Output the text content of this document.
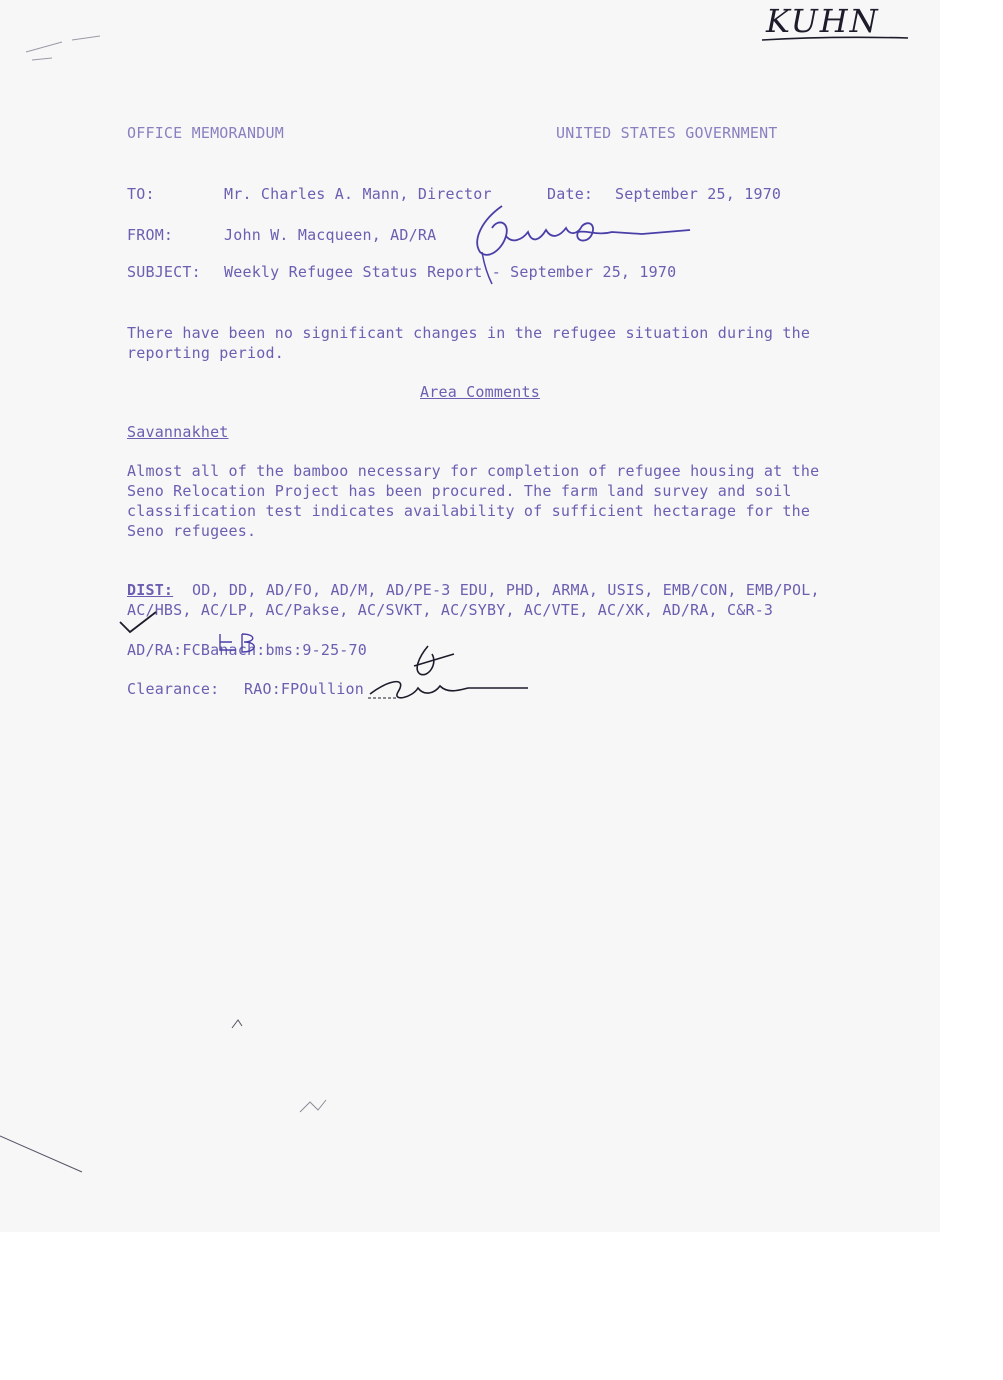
KUHN
OFFICE MEMORANDUM	UNITED STATES GOVERNMENT
TO:	Mr. Charles A. Mann, Director	Date: September 25, 1970
FROM:	John W. Macqueen, AD/RA
SUBJECT: Weekly Refugee Status Report - September 25, 1970
There have been no significant changes in the refugee situation during the
reporting period.
Area Comments
Savannakhet
Almost all of the bamboo necessary for completion of refugee housing at the
Seno Relocation Project has been procured. The farm land survey and soil
classification test indicates availability of sufficient hectarage for the
Seno refugees.
DIST: OD, DD, AD/FO, AD/M, AD/PE-3 EDU, PHD, ARMA, USIS, EMB/CON, EMB/POL,
AC/HBS, AC/LP, AC/Pakse, AC/SVKT, AC/SYBY, AC/VTE, AC/XK, AD/RA, C&R-3
AD/RA:FCBanach:bms:9-25-70
Clearance: RAO:FPOullion
